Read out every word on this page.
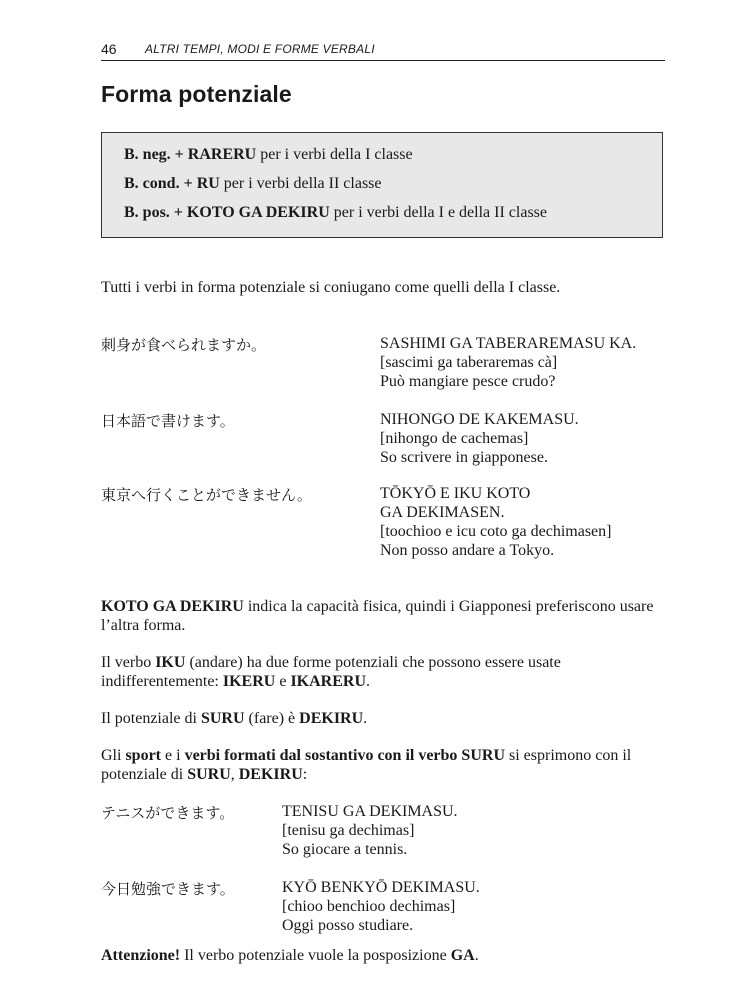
46 ALTRI TEMPI, MODI E FORME VERBALI
Forma potenziale
B. neg. + RARERU per i verbi della I classe
B. cond. + RU per i verbi della II classe
B. pos. + KOTO GA DEKIRU per i verbi della I e della II classe
Tutti i verbi in forma potenziale si coniugano come quelli della I classe.
刺身が食べられますか。	SASHIMI GA TABERAREMASU KA.
[sascimi ga taberaremas cà]
Può mangiare pesce crudo?
日本語で書けます。	NIHONGO DE KAKEMASU.
[nihongo de cachemas]
So scrivere in giapponese.
東京へ行くことができません。	TŌKYŌ E IKU KOTO
GA DEKIMASEN.
[toochioo e icu coto ga dechimasen]
Non posso andare a Tokyo.
KOTO GA DEKIRU indica la capacità fisica, quindi i Giapponesi preferiscono usare l’altra forma.
Il verbo IKU (andare) ha due forme potenziali che possono essere usate indifferentemente: IKERU e IKARERU.
Il potenziale di SURU (fare) è DEKIRU.
Gli sport e i verbi formati dal sostantivo con il verbo SURU si esprimono con il potenziale di SURU, DEKIRU:
テニスができます。	TENISU GA DEKIMASU.
[tenisu ga dechimas]
So giocare a tennis.
今日勉強できます。	KYŌ BENKYŌ DEKIMASU.
[chioo benchioo dechimas]
Oggi posso studiare.
Attenzione! Il verbo potenziale vuole la posposizione GA.
